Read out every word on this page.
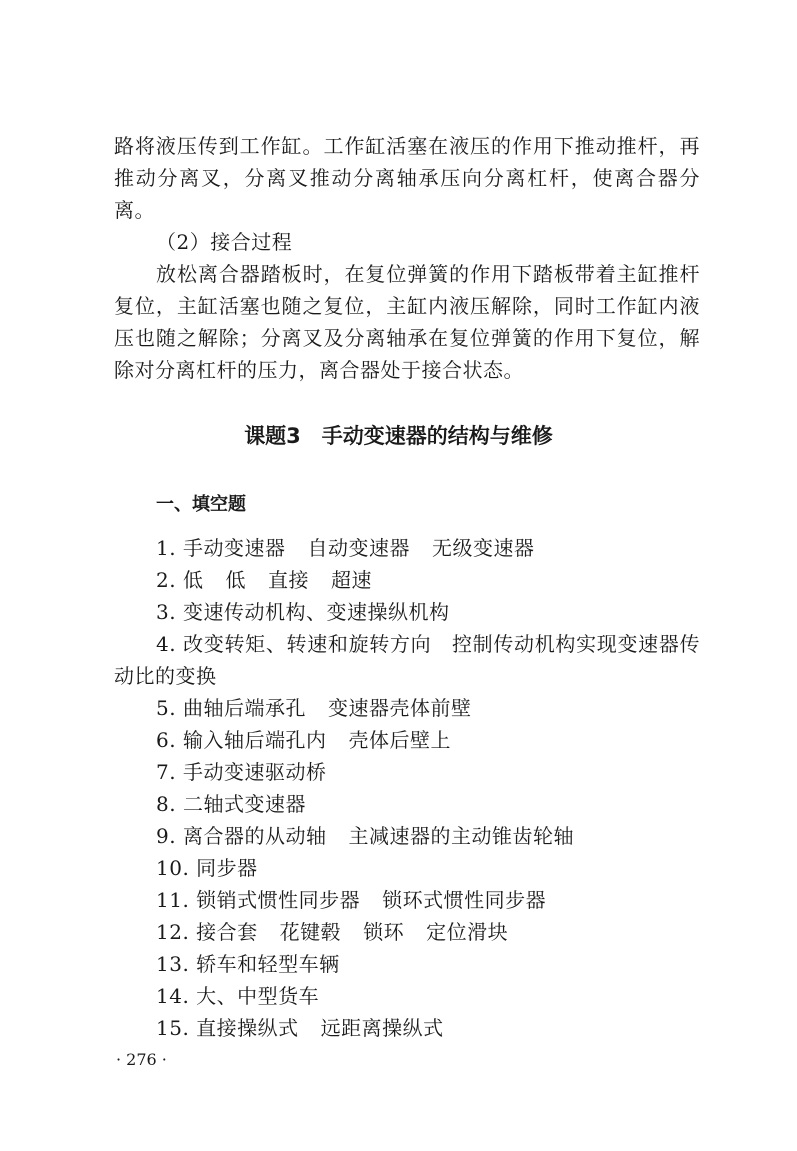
路将液压传到工作缸。工作缸活塞在液压的作用下推动推杆，再推动分离叉，分离叉推动分离轴承压向分离杠杆，使离合器分离。

（2）接合过程

放松离合器踏板时，在复位弹簧的作用下踏板带着主缸推杆复位，主缸活塞也随之复位，主缸内液压解除，同时工作缸内液压也随之解除；分离叉及分离轴承在复位弹簧的作用下复位，解除对分离杠杆的压力，离合器处于接合状态。

课题3　手动变速器的结构与维修
一、填空题
1. 手动变速器 自动变速器 无级变速器
2. 低 低 直接 超速
3. 变速传动机构、变速操纵机构

4. 改变转矩、转速和旋转方向　控制传动机构实现变速器传动比的变换

5. 曲轴后端承孔 变速器壳体前壁
6. 输入轴后端孔内 壳体后壁上
7. 手动变速驱动桥
8. 二轴式变速器
9. 离合器的从动轴 主减速器的主动锥齿轮轴
10. 同步器
11. 锁销式惯性同步器 锁环式惯性同步器
12. 接合套 花键毂 锁环 定位滑块
13. 轿车和轻型车辆
14. 大、中型货车
15. 直接操纵式 远距离操纵式
· 276 ·
